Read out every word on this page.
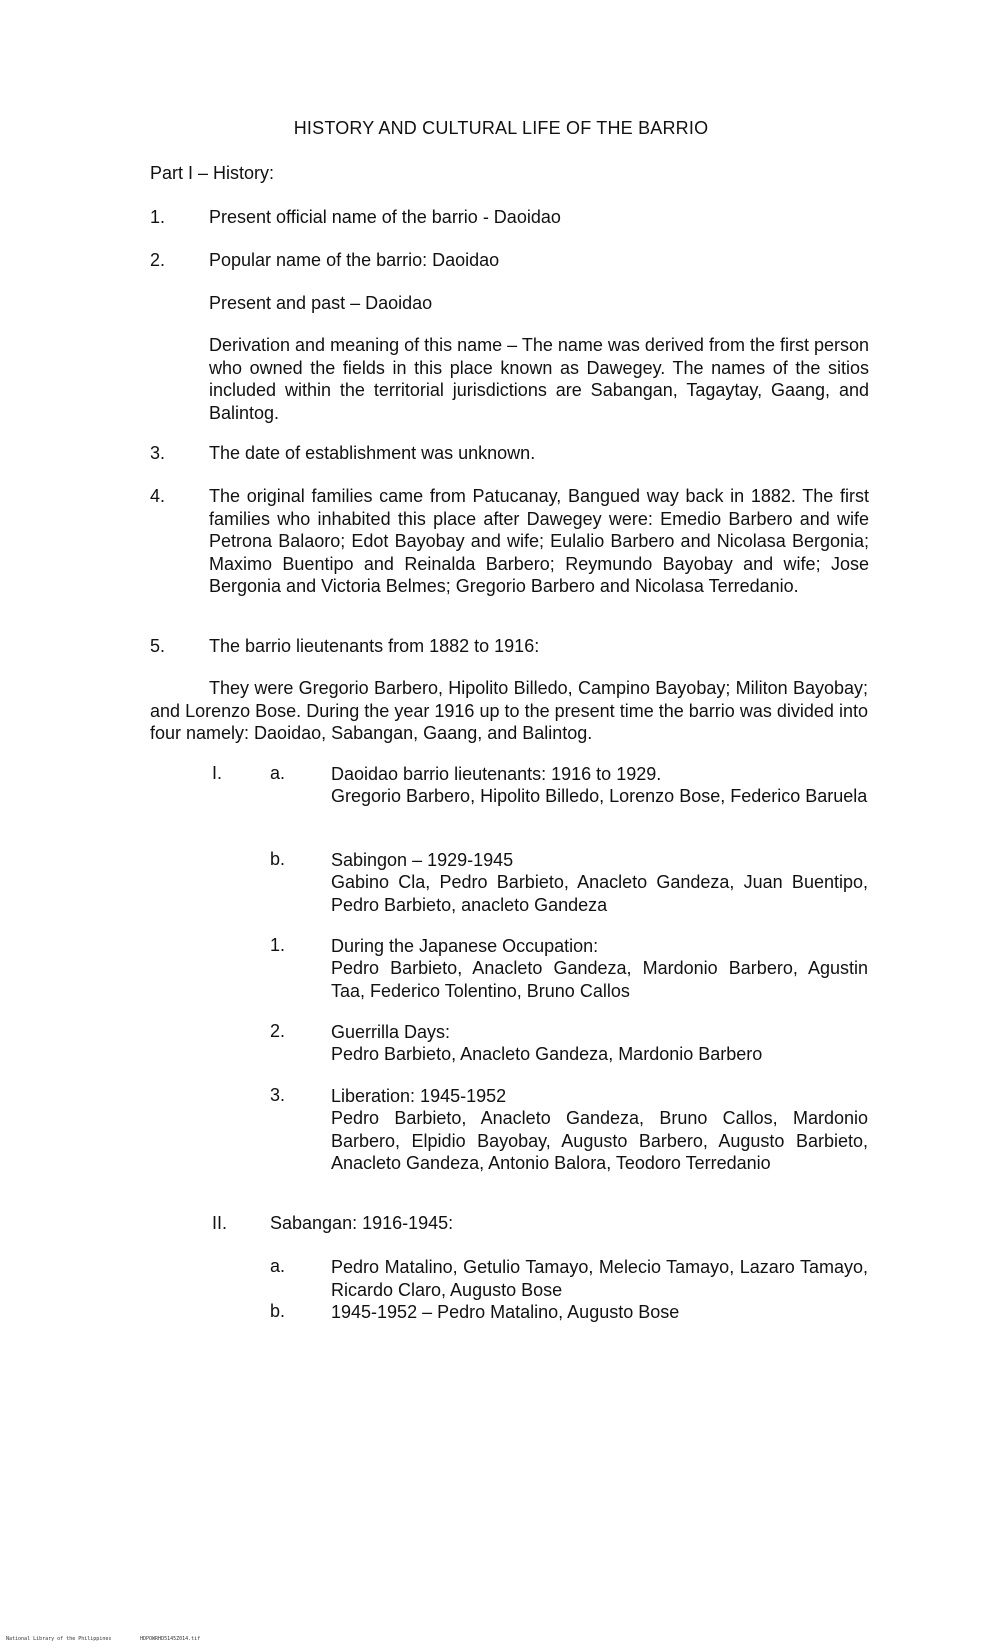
HISTORY AND CULTURAL LIFE OF THE BARRIO
Part I – History:
1.	Present official name of the barrio - Daoidao
2.	Popular name of the barrio: Daoidao
Present and past – Daoidao
Derivation and meaning of this name – The name was derived from the first person who owned the fields in this place known as Dawegey. The names of the sitios included within the territorial jurisdictions are Sabangan, Tagaytay, Gaang, and Balintog.
3.	The date of establishment was unknown.
4.	The original families came from Patucanay, Bangued way back in 1882. The first families who inhabited this place after Dawegey were: Emedio Barbero and wife Petrona Balaoro; Edot Bayobay and wife; Eulalio Barbero and Nicolasa Bergonia; Maximo Buentipo and Reinalda Barbero; Reymundo Bayobay and wife; Jose Bergonia and Victoria Belmes; Gregorio Barbero and Nicolasa Terredanio.
5.	The barrio lieutenants from 1882 to 1916:
They were Gregorio Barbero, Hipolito Billedo, Campino Bayobay; Militon Bayobay; and Lorenzo Bose. During the year 1916 up to the present time the barrio was divided into four namely: Daoidao, Sabangan, Gaang, and Balintog.
I.	a.	Daoidao barrio lieutenants: 1916 to 1929.
Gregorio Barbero, Hipolito Billedo, Lorenzo Bose, Federico Baruela
b.	Sabingon – 1929-1945
Gabino Cla, Pedro Barbieto, Anacleto Gandeza, Juan Buentipo, Pedro Barbieto, anacleto Gandeza
1.	During the Japanese Occupation:
Pedro Barbieto, Anacleto Gandeza, Mardonio Barbero, Agustin Taa, Federico Tolentino, Bruno Callos
2.	Guerrilla Days:
Pedro Barbieto, Anacleto Gandeza, Mardonio Barbero
3.	Liberation: 1945-1952
Pedro Barbieto, Anacleto Gandeza, Bruno Callos, Mardonio Barbero, Elpidio Bayobay, Augusto Barbero, Augusto Barbieto, Anacleto Gandeza, Antonio Balora, Teodoro Terredanio
II. Sabangan: 1916-1945:
a.	Pedro Matalino, Getulio Tamayo, Melecio Tamayo, Lazaro Tamayo, Ricardo Claro, Augusto Bose
b.	1945-1952 – Pedro Matalino, Augusto Bose
National Library of the Philippines	HDPOWRHD5145Z014.tif
